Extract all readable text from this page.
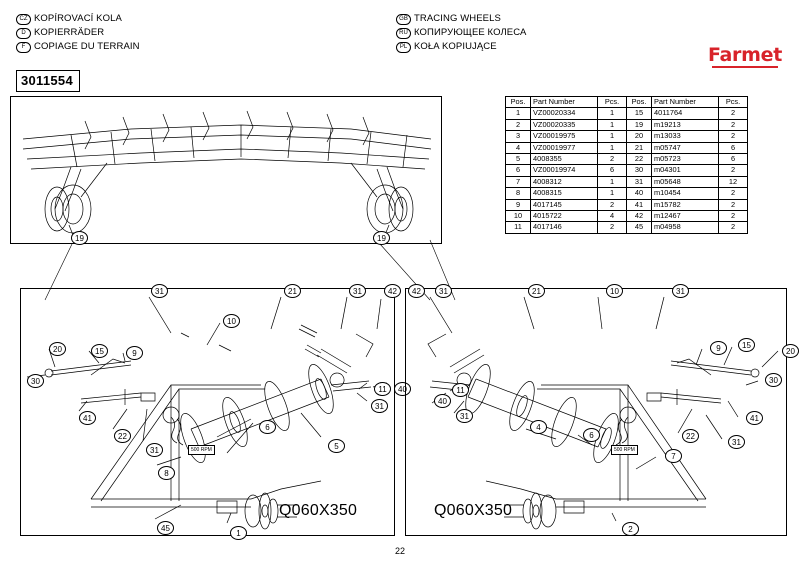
CZ KOPÍROVACÍ KOLA
D KOPIERRÄDER
F COPIAGE DU TERRAIN
GB TRACING WHEELS
RU КОПИРУЮЩЕЕ КОЛЕСА
PL KOŁA KOPIUJĄCE
3011554
Farmet
Pos.	Part Number	Pcs.	Pos.	Part Number	Pcs.
1	VZ00020334	1	15	4011764	2
2	VZ00020335	1	19	m19213	2
3	VZ00019975	1	20	m13033	2
4	VZ00019977	1	21	m05747	6
5	4008355	2	22	m05723	6
6	VZ00019974	6	30	m04301	2
7	4008312	1	31	m05648	12
8	4008315	1	40	m10454	2
9	4017145	2	41	m15782	2
10	4015722	4	42	m12467	2
11	4017146	2	45	m04958	2
19	19
500 RPM
Q060X350
31	21	31	42
10
20	15	9
30
11	40
31
41
22
31
6
5
8
45
1
500 RPM
Q060X350
31	21	10	31
42
9	15
20
11
40
31
30
41
22
31
4
6
7
2
22
